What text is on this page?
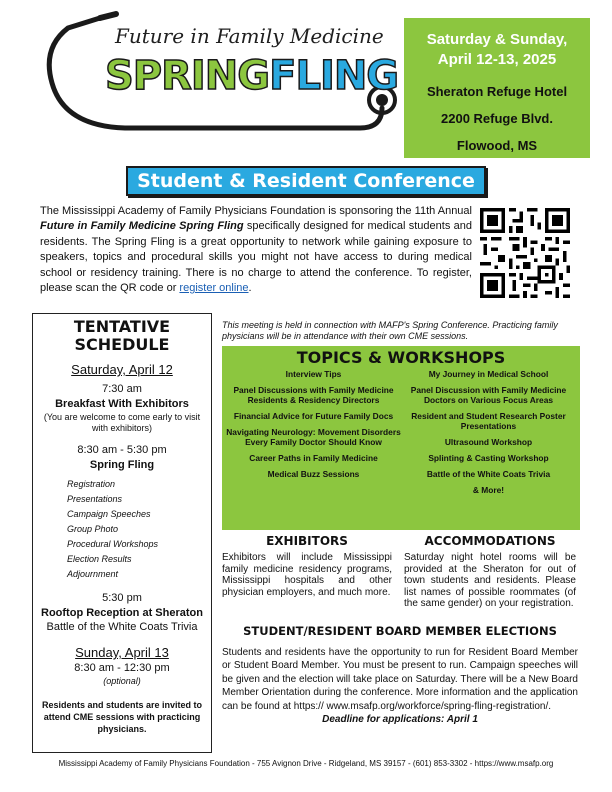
Future in Family Medicine
SPRINGFLING
Saturday & Sunday,
April 12-13, 2025
Sheraton Refuge Hotel
2200 Refuge Blvd.
Flowood, MS
Student & Resident Conference
The Mississippi Academy of Family Physicians Foundation is sponsoring the 11th Annual Future in Family Medicine Spring Fling specifically designed for medical students and residents. The Spring Fling is a great opportunity to network while gaining exposure to speakers, topics and procedural skills you might not have access to during medical school or residency training. There is no charge to attend the conference. To register, please scan the QR code or register online.
TENTATIVE SCHEDULE
Saturday, April 12
7:30 am
Breakfast With Exhibitors
(You are welcome to come early to visit with exhibitors)
8:30 am - 5:30 pm
Spring Fling
Registration
Presentations
Campaign Speeches
Group Photo
Procedural Workshops
Election Results
Adjournment
5:30 pm
Rooftop Reception at Sheraton
Battle of the White Coats Trivia
Sunday, April 13
8:30 am - 12:30 pm
(optional)
Residents and students are invited to attend CME sessions with practicing physicians.
This meeting is held in connection with MAFP's Spring Conference. Practicing family physicians will be in attendance with their own CME sessions.
TOPICS & WORKSHOPS
Interview Tips
Panel Discussions with Family Medicine Residents & Residency Directors
Financial Advice for Future Family Docs
Navigating Neurology: Movement Disorders Every Family Doctor Should Know
Career Paths in Family Medicine
Medical Buzz Sessions
My Journey in Medical School
Panel Discussion with Family Medicine Doctors on Various Focus Areas
Resident and Student Research Poster Presentations
Ultrasound Workshop
Splinting & Casting Workshop
Battle of the White Coats Trivia
& More!
EXHIBITORS
Exhibitors will include Mississippi family medicine residency programs, Mississippi hospitals and other physician employers, and much more.
ACCOMMODATIONS
Saturday night hotel rooms will be provided at the Sheraton for out of town students and residents. Please list names of possible roommates (of the same gender) on your registration.
STUDENT/RESIDENT BOARD MEMBER ELECTIONS
Students and residents have the opportunity to run for Resident Board Member or Student Board Member. You must be present to run. Campaign speeches will be given and the election will take place on Saturday. There will be a New Board Member Orientation during the conference. More information and the application can be found at https:// www.msafp.org/workforce/spring-fling-registration/.
Deadline for applications: April 1
Mississippi Academy of Family Physicians Foundation - 755 Avignon Drive - Ridgeland, MS 39157 - (601) 853-3302 - https://www.msafp.org
